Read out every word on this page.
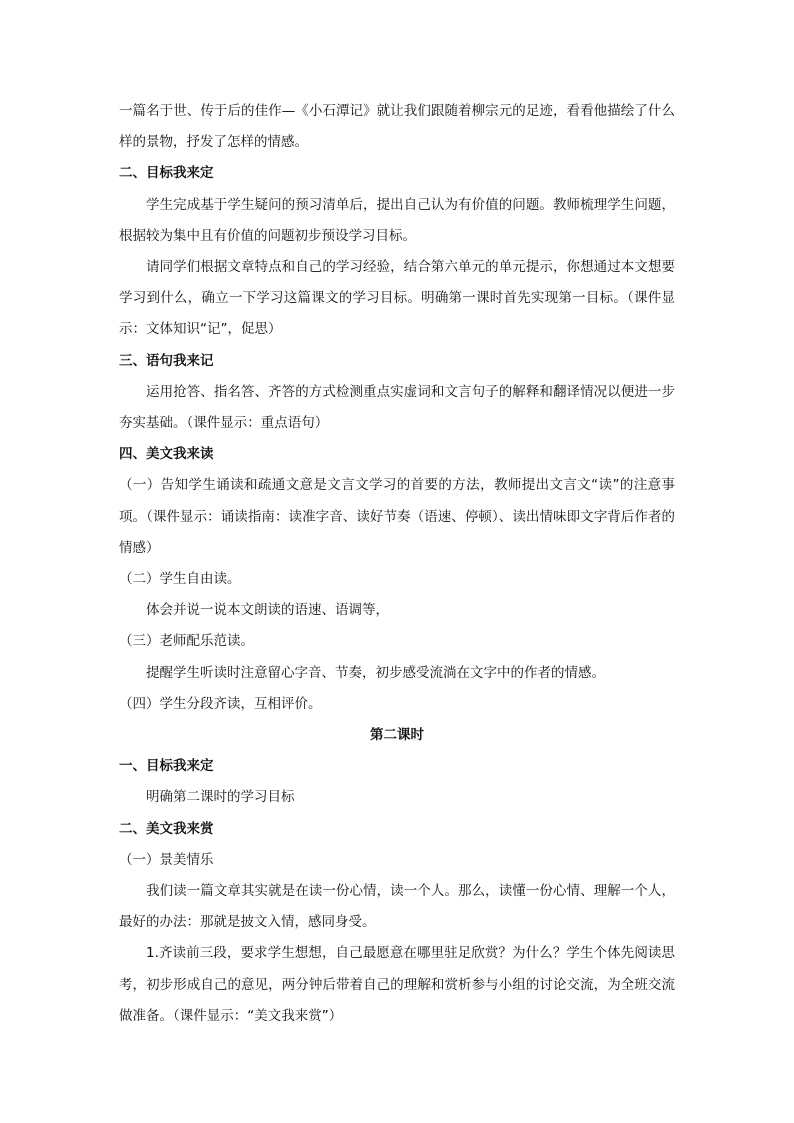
一篇名于世、传于后的佳作—《小石潭记》就让我们跟随着柳宗元的足迹，看看他描绘了什么样的景物，抒发了怎样的情感。

二、目标我来定

学生完成基于学生疑问的预习清单后，提出自己认为有价值的问题。教师梳理学生问题，根据较为集中且有价值的问题初步预设学习目标。

请同学们根据文章特点和自己的学习经验，结合第六单元的单元提示，你想通过本文想要学习到什么，确立一下学习这篇课文的学习目标。明确第一课时首先实现第一目标。（课件显示：文体知识“记”，促思）

三、语句我来记

运用抢答、指名答、齐答的方式检测重点实虚词和文言句子的解释和翻译情况以便进一步夯实基础。（课件显示：重点语句）

四、美文我来读

（一）告知学生诵读和疏通文意是文言文学习的首要的方法，教师提出文言文“读”的注意事项。（课件显示：诵读指南：读准字音、读好节奏（语速、停顿）、读出情味即文字背后作者的情感）

（二）学生自由读。

体会并说一说本文朗读的语速、语调等，

（三）老师配乐范读。

提醒学生听读时注意留心字音、节奏，初步感受流淌在文字中的作者的情感。

（四）学生分段齐读，互相评价。

第二课时

一、目标我来定

明确第二课时的学习目标

二、美文我来赏

（一）景美情乐

我们读一篇文章其实就是在读一份心情，读一个人。那么，读懂一份心情、理解一个人，最好的办法：那就是披文入情，感同身受。

1.齐读前三段，要求学生想想，自己最愿意在哪里驻足欣赏？为什么？学生个体先阅读思考，初步形成自己的意见，两分钟后带着自己的理解和赏析参与小组的讨论交流，为全班交流做准备。（课件显示：“美文我来赏”）
